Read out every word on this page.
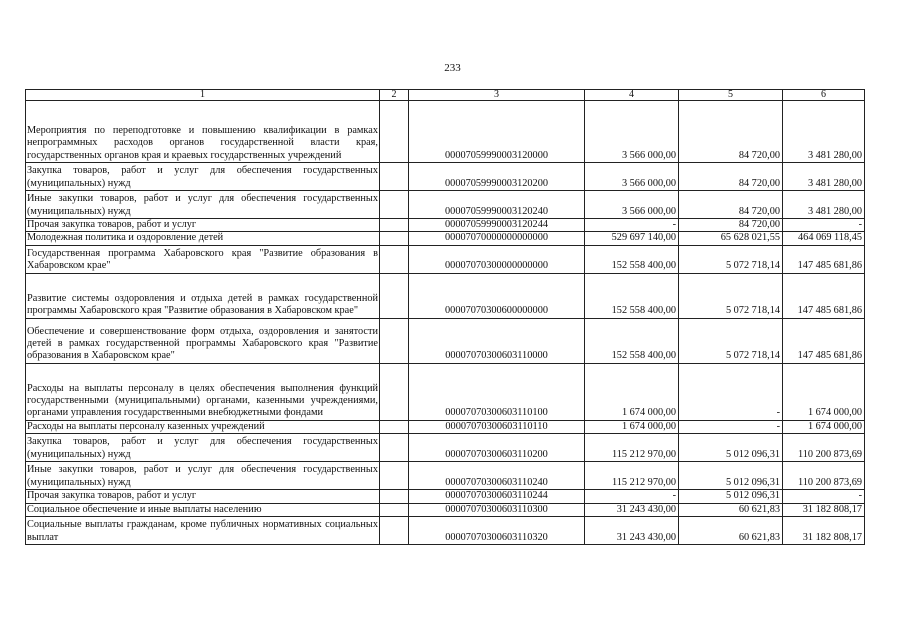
233
1	2	3	4	5	6
Мероприятия по переподготовке и повышению квалификации в рамках непрограммных расходов органов государственной власти края, государственных органов края и краевых государственных учреждений		00007059990003120000	3 566 000,00	84 720,00	3 481 280,00
Закупка товаров, работ и услуг для обеспечения государственных (муниципальных) нужд		00007059990003120200	3 566 000,00	84 720,00	3 481 280,00
Иные закупки товаров, работ и услуг для обеспечения государственных (муниципальных) нужд		00007059990003120240	3 566 000,00	84 720,00	3 481 280,00
Прочая закупка товаров, работ и услуг		00007059990003120244	-	84 720,00	-
Молодежная политика и оздоровление детей		00007070000000000000	529 697 140,00	65 628 021,55	464 069 118,45
Государственная программа Хабаровского края "Развитие образования в Хабаровском крае"		00007070300000000000	152 558 400,00	5 072 718,14	147 485 681,86
Развитие системы оздоровления и отдыха детей в рамках государственной программы Хабаровского края "Развитие образования в Хабаровском крае"		00007070300600000000	152 558 400,00	5 072 718,14	147 485 681,86
Обеспечение и совершенствование форм отдыха, оздоровления и занятости детей в рамках государственной программы Хабаровского края "Развитие образования в Хабаровском крае"		00007070300603110000	152 558 400,00	5 072 718,14	147 485 681,86
Расходы на выплаты персоналу в целях обеспечения выполнения функций государственными (муниципальными) органами, казенными учреждениями, органами управления государственными внебюджетными фондами		00007070300603110100	1 674 000,00	-	1 674 000,00
Расходы на выплаты персоналу казенных учреждений		00007070300603110110	1 674 000,00	-	1 674 000,00
Закупка товаров, работ и услуг для обеспечения государственных (муниципальных) нужд		00007070300603110200	115 212 970,00	5 012 096,31	110 200 873,69
Иные закупки товаров, работ и услуг для обеспечения государственных (муниципальных) нужд		00007070300603110240	115 212 970,00	5 012 096,31	110 200 873,69
Прочая закупка товаров, работ и услуг		00007070300603110244	-	5 012 096,31	-
Социальное обеспечение и иные выплаты населению		00007070300603110300	31 243 430,00	60 621,83	31 182 808,17
Социальные выплаты гражданам, кроме публичных нормативных социальных выплат		00007070300603110320	31 243 430,00	60 621,83	31 182 808,17
